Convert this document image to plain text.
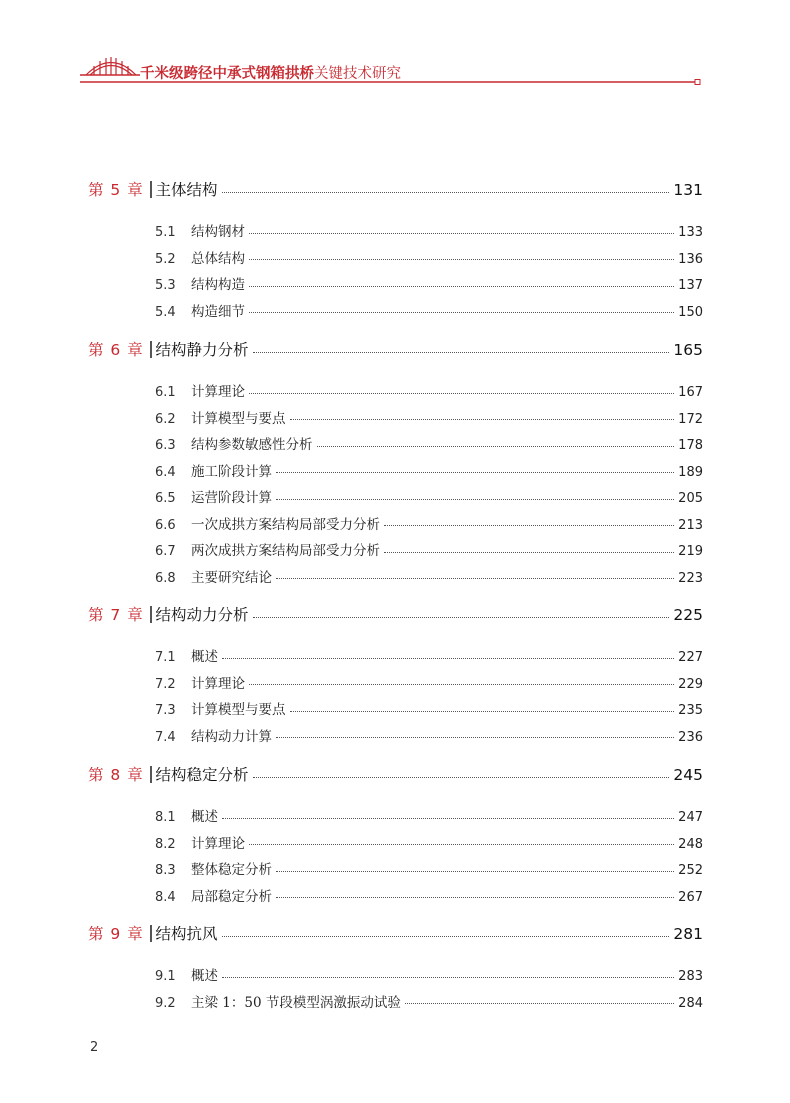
千米级跨径中承式钢箱拱桥关键技术研究
第 5 章 主体结构	131
5.1	结构钢材	133
5.2	总体结构	136
5.3	结构构造	137
5.4	构造细节	150
第 6 章 结构静力分析	165
6.1	计算理论	167
6.2	计算模型与要点	172
6.3	结构参数敏感性分析	178
6.4	施工阶段计算	189
6.5	运营阶段计算	205
6.6	一次成拱方案结构局部受力分析	213
6.7	两次成拱方案结构局部受力分析	219
6.8	主要研究结论	223
第 7 章 结构动力分析	225
7.1	概述	227
7.2	计算理论	229
7.3	计算模型与要点	235
7.4	结构动力计算	236
第 8 章 结构稳定分析	245
8.1	概述	247
8.2	计算理论	248
8.3	整体稳定分析	252
8.4	局部稳定分析	267
第 9 章 结构抗风	281
9.1	概述	283
9.2	主梁 1：50 节段模型涡激振动试验	284
2
